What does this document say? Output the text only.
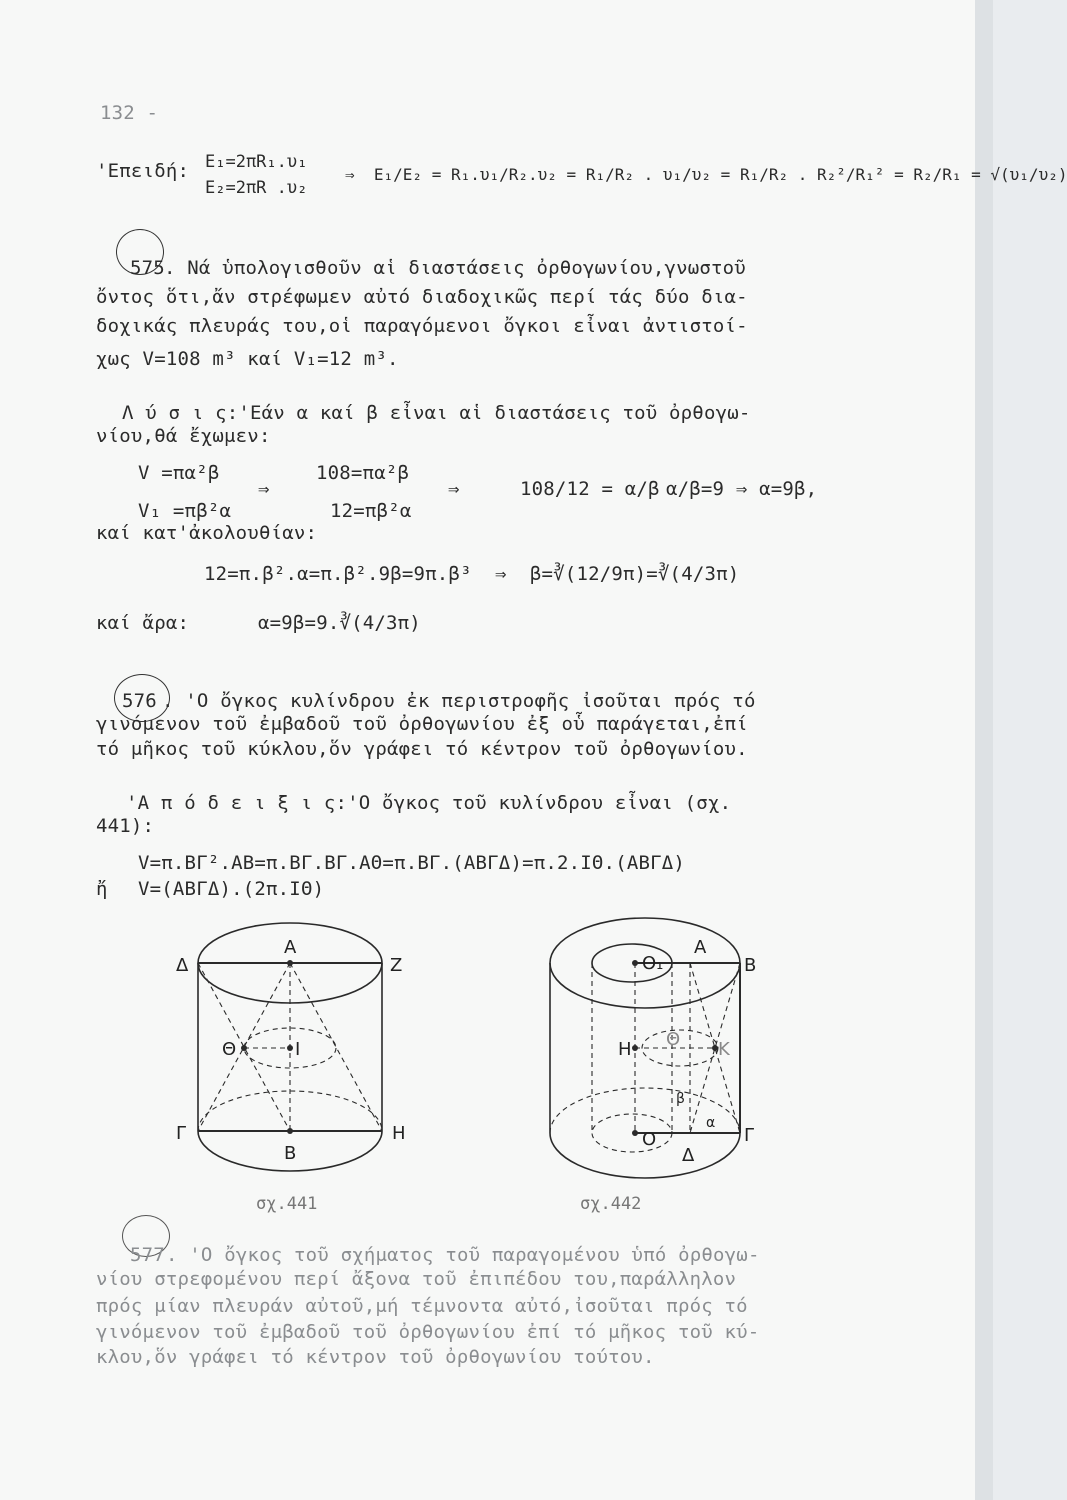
132 -
'Επειδή: E₁=2πR₁.υ₁
E₂=2πR .υ₂
⇒  E₁/E₂ = R₁.υ₁/R₂.υ₂ = R₁/R₂ . υ₁/υ₂ = R₁/R₂ . R₂²/R₁² = R₂/R₁ = √(υ₁/υ₂)
575 . Νά ὑπολογισθοῦν αἱ διαστάσεις ὀρθογωνίου,γνωστοῦ
ὄντος ὅτι,ἄν στρέφωμεν αὐτό διαδοχικῶς περί τάς δύο δια-
δοχικάς πλευράς του,οἱ παραγόμενοι ὄγκοι εἶναι ἀντιστοί-
χως V=108 m³ καί V₁=12 m³.
Λ ύ σ ι ς:'Εάν α καί β εἶναι αἱ διαστάσεις τοῦ ὀρθογω-
νίου,θά ἔχωμεν:
V =πα²β
V₁ =πβ²α
⇒
108=πα²β
12=πβ²α
⇒	108/12 = α/β α/β=9 ⇒ α=9β,
καί κατ'ἀκολουθίαν:
12=π.β².α=π.β².9β=9π.β³  ⇒  β=∛(12/9π)=∛(4/3π)
καί ἄρα:	α=9β=9.∛(4/3π)
576 . 'Ο ὄγκος κυλίνδρου ἐκ περιστροφῆς ἰσοῦται πρός τό
γινόμενον τοῦ ἐμβαδοῦ τοῦ ὀρθογωνίου ἐξ οὗ παράγεται,ἐπί
τό μῆκος τοῦ κύκλου,ὅν γράφει τό κέντρον τοῦ ὀρθογωνίου.
'Α π ό δ ε ι ξ ι ς:'Ο ὄγκος τοῦ κυλίνδρου εἶναι (σχ.
441):
V=π.ΒΓ².ΑΒ=π.ΒΓ.ΒΓ.ΑΘ=π.ΒΓ.(ΑΒΓΔ)=π.2.ΙΘ.(ΑΒΓΔ)
ἤ V=(ΑΒΓΔ).(2π.ΙΘ)
Α
Z
Δ
Θ	Ι
Γ
Β
Η
σχ.441
O₁
Α
B
Η Θ K
β
α
O
Δ
Γ
σχ.442
577 . 'Ο ὄγκος τοῦ σχήματος τοῦ παραγομένου ὑπό ὀρθογω-
νίου στρεφομένου περί ἄξονα τοῦ ἐπιπέδου του,παράλληλον
πρός μίαν πλευράν αὐτοῦ,μή τέμνοντα αὐτό,ἰσοῦται πρός τό
γινόμενον τοῦ ἐμβαδοῦ τοῦ ὀρθογωνίου ἐπί τό μῆκος τοῦ κύ-
κλου,ὅν γράφει τό κέντρον τοῦ ὀρθογωνίου τούτου.
